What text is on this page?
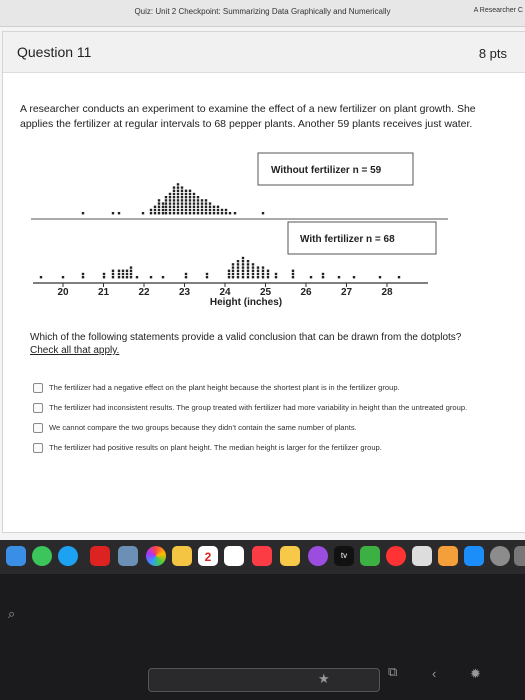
Quiz: Unit 2 Checkpoint: Summarizing Data Graphically and Numerically	A Researcher C
Question 11	8 pts
A researcher conducts an experiment to examine the effect of a new fertilizer on plant growth. She applies the fertilizer at regular intervals to 68 pepper plants. Another 59 plants receives just water.
Without fertilizer n = 59
With fertilizer n = 68
20	21	22	23	24	25	26	27	28
Height (inches)
Which of the following statements provide a valid conclusion that can be drawn from the dotplots?
Check all that apply.
The fertilizer had a negative effect on the plant height because the shortest plant is in the fertilizer group.
The fertilizer had inconsistent results. The group treated with fertilizer had more variability in height than the untreated group.
We cannot compare the two groups because they didn't contain the same number of plants.
The fertilizer had positive results on plant height. The median height is larger for the fertilizer group.
2	tv
⌕
★	⧉	‹	✹
